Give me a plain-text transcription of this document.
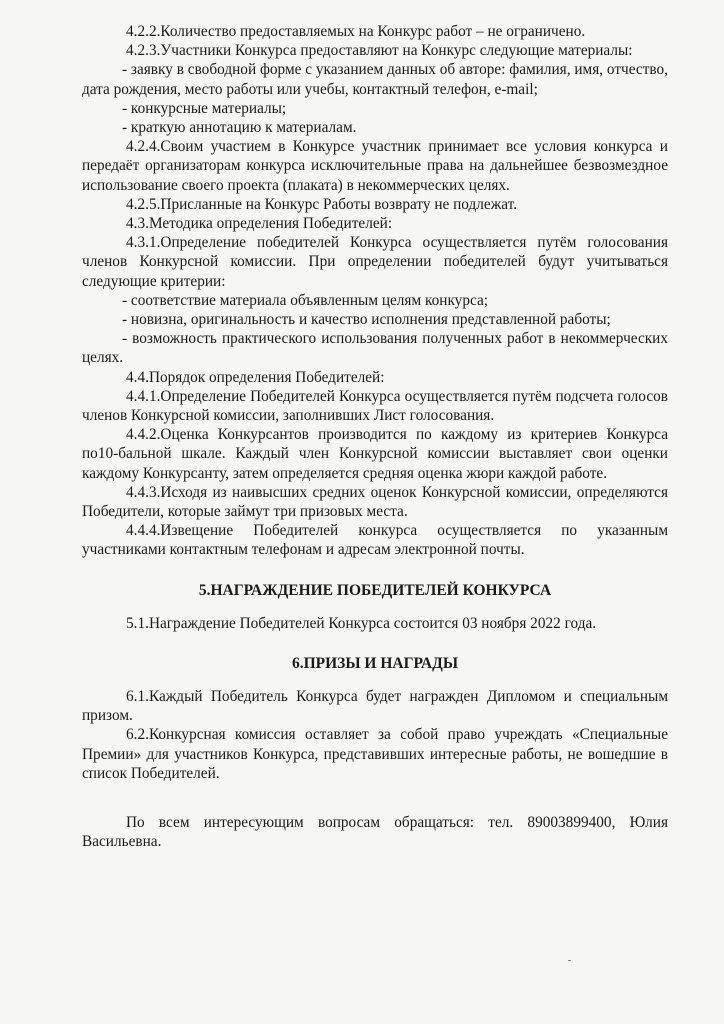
4.2.2.Количество предоставляемых на Конкурс работ – не ограничено.

4.2.3.Участники Конкурса предоставляют на Конкурс следующие материалы:

- заявку в свободной форме с указанием данных об авторе: фамилия, имя, отчество, дата рождения, место работы или учебы, контактный телефон, e-mail;

- конкурсные материалы;

- краткую аннотацию к материалам.

4.2.4.Своим участием в Конкурсе участник принимает все условия конкурса и передаёт организаторам конкурса исключительные права на дальнейшее безвозмездное использование своего проекта (плаката) в некоммерческих целях.

4.2.5.Присланные на Конкурс Работы возврату не подлежат.

4.3.Методика определения Победителей:

4.3.1.Определение победителей Конкурса осуществляется путём голосования членов Конкурсной комиссии. При определении победителей будут учитываться следующие критерии:

- соответствие материала объявленным целям конкурса;

- новизна, оригинальность и качество исполнения представленной работы;

- возможность практического использования полученных работ в некоммерческих целях.

4.4.Порядок определения Победителей:

4.4.1.Определение Победителей Конкурса осуществляется путём подсчета голосов членов Конкурсной комиссии, заполнивших Лист голосования.

4.4.2.Оценка Конкурсантов производится по каждому из критериев Конкурса по10-бальной шкале. Каждый член Конкурсной комиссии выставляет свои оценки каждому Конкурсанту, затем определяется средняя оценка жюри каждой работе.

4.4.3.Исходя из наивысших средних оценок Конкурсной комиссии, определяются Победители, которые займут три призовых места.

4.4.4.Извещение Победителей конкурса осуществляется по указанным участниками контактным телефонам и адресам электронной почты.

5.НАГРАЖДЕНИЕ ПОБЕДИТЕЛЕЙ КОНКУРСА

5.1.Награждение Победителей Конкурса состоится 03 ноября 2022 года.

6.ПРИЗЫ И НАГРАДЫ

6.1.Каждый Победитель Конкурса будет награжден Дипломом и специальным призом.

6.2.Конкурсная комиссия оставляет за собой право учреждать «Специальные Премии» для участников Конкурса, представивших интересные работы, не вошедшие в список Победителей.

По всем интересующим вопросам обращаться: тел. 89003899400, Юлия Васильевна.
